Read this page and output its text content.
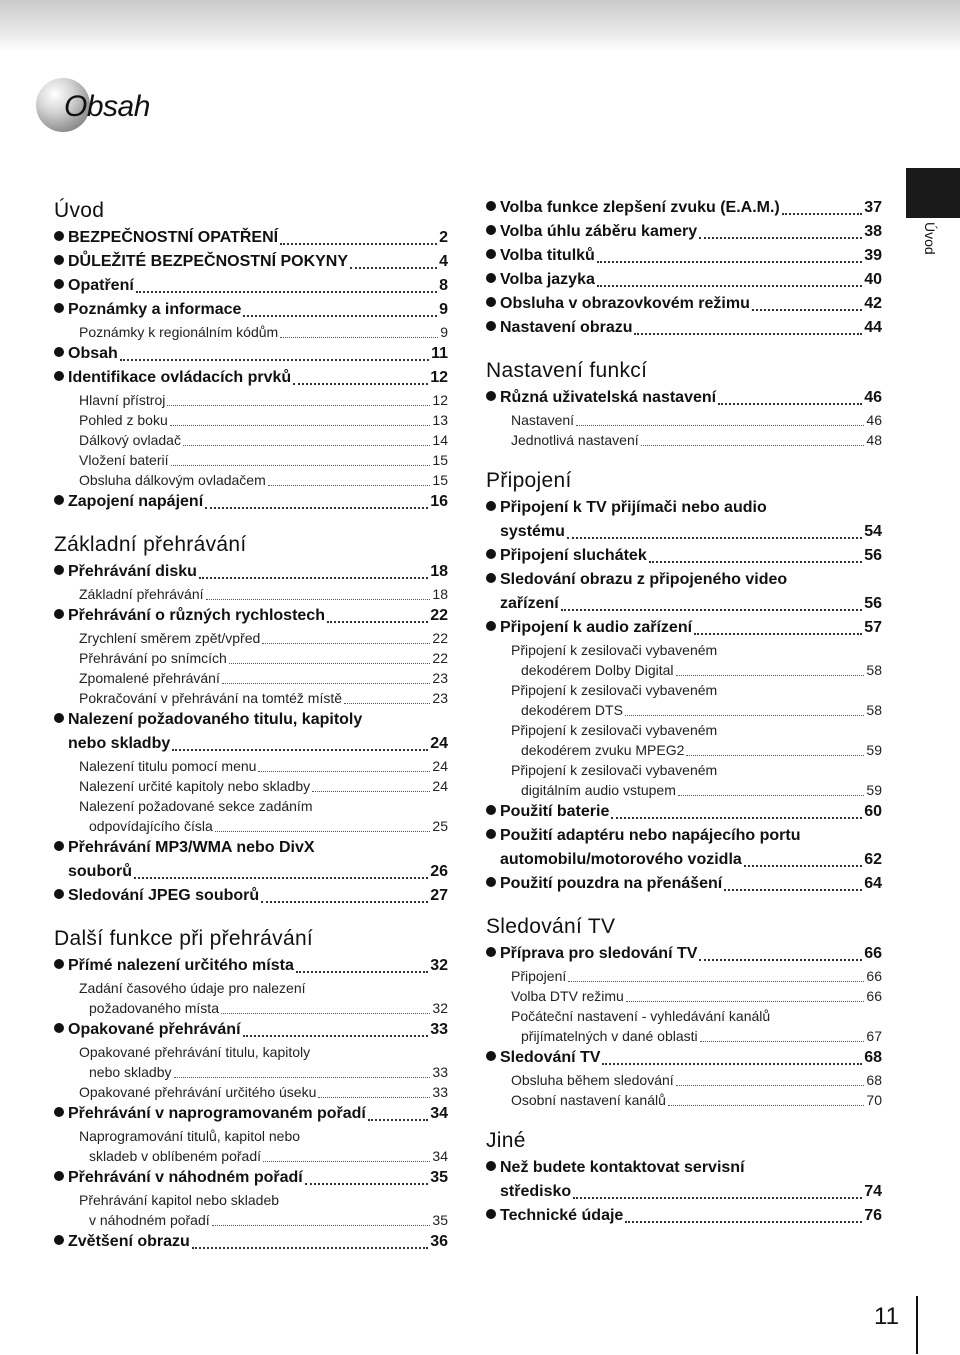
Obsah
Úvod
Úvod
BEZPEČNOSTNÍ OPATŘENÍ	2
DŮLEŽITÉ BEZPEČNOSTNÍ POKYNY	4
Opatření	8
Poznámky a informace	9
Poznámky k regionálním kódům	9
Obsah	11
Identifikace ovládacích prvků	12
Hlavní přístroj	12
Pohled z boku	13
Dálkový ovladač	14
Vložení baterií	15
Obsluha dálkovým ovladačem	15
Zapojení napájení	16
Základní přehrávání
Přehrávání disku	18
Základní přehrávání	18
Přehrávání o různých rychlostech	22
Zrychlení směrem zpět/vpřed	22
Přehrávání po snímcích	22
Zpomalené přehrávání	23
Pokračování v přehrávání na tomtéž místě	23
Nalezení požadovaného titulu, kapitoly
nebo skladby	24
Nalezení titulu pomocí menu	24
Nalezení určité kapitoly nebo skladby	24
Nalezení požadované sekce zadáním
odpovídajícího čísla	25
Přehrávání MP3/WMA nebo DivX
souborů	26
Sledování JPEG souborů	27
Další funkce při přehrávání
Přímé nalezení určitého místa	32
Zadání časového údaje pro nalezení
požadovaného místa	32
Opakované přehrávání	33
Opakované přehrávání titulu, kapitoly
nebo skladby	33
Opakované přehrávání určitého úseku	33
Přehrávání v naprogramovaném pořadí	34
Naprogramování titulů, kapitol nebo
skladeb v oblíbeném pořadí	34
Přehrávání v náhodném pořadí	35
Přehrávání kapitol nebo skladeb
v náhodném pořadí	35
Zvětšení obrazu	36
Volba funkce zlepšení zvuku (E.A.M.)	37
Volba úhlu záběru kamery	38
Volba titulků	39
Volba jazyka	40
Obsluha v obrazovkovém režimu	42
Nastavení obrazu	44
Nastavení funkcí
Různá uživatelská nastavení	46
Nastavení	46
Jednotlivá nastavení	48
Připojení
Připojení k TV přijímači nebo audio
systému	54
Připojení sluchátek	56
Sledování obrazu z připojeného video
zařízení	56
Připojení k audio zařízení	57
Připojení k zesilovači vybaveném
dekodérem Dolby Digital	58
Připojení k zesilovači vybaveném
dekodérem DTS	58
Připojení k zesilovači vybaveném
dekodérem zvuku MPEG2	59
Připojení k zesilovači vybaveném
digitálním audio vstupem	59
Použití baterie	60
Použití adaptéru nebo napájecího portu
automobilu/motorového vozidla	62
Použití pouzdra na přenášení	64
Sledování TV
Příprava pro sledování TV	66
Připojení	66
Volba DTV režimu	66
Počáteční nastavení - vyhledávání kanálů
přijímatelných v dané oblasti	67
Sledování TV	68
Obsluha během sledování	68
Osobní nastavení kanálů	70
Jiné
Než budete kontaktovat servisní
středisko	74
Technické údaje	76
11
